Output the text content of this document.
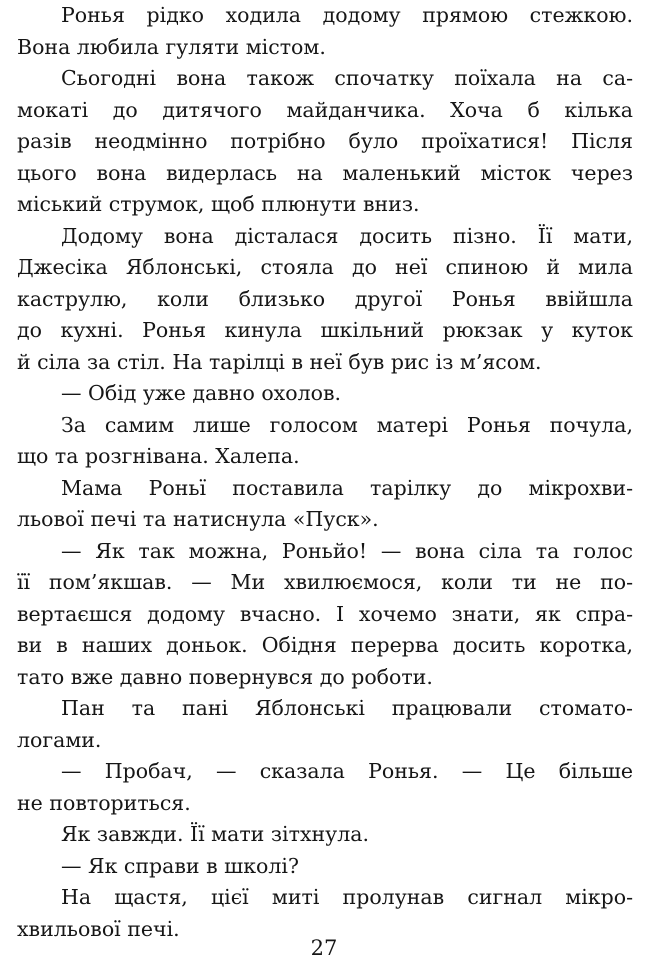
Ронья рідко ходила додому прямою стежкою.
Вона любила гуляти містом.
Сьогодні вона також спочатку поїхала на са-
мокаті до дитячого майданчика. Хоча б кілька
разів неодмінно потрібно було проїхатися! Після
цього вона видерлась на маленький місток через
міський струмок, щоб плюнути вниз.
Додому вона дісталася досить пізно. Її мати,
Джесіка Яблонські, стояла до неї спиною й мила
каструлю, коли близько другої Ронья ввійшла
до кухні. Ронья кинула шкільний рюкзак у куток
й сіла за стіл. На тарілці в неї був рис із м’ясом.
— Обід уже давно охолов.
За самим лише голосом матері Ронья почула,
що та розгнівана. Халепа.
Мама Роньї поставила тарілку до мікрохви-
льової печі та натиснула «Пуск».
— Як так можна, Роньйо! — вона сіла та голос
її пом’якшав. — Ми хвилюємося, коли ти не по-
вертаєшся додому вчасно. І хочемо знати, як спра-
ви в наших доньок. Обідня перерва досить коротка,
тато вже давно повернувся до роботи.
Пан та пані Яблонські працювали стомато-
логами.
— Пробач, — сказала Ронья. — Це більше
не повториться.
Як завжди. Її мати зітхнула.
— Як справи в школі?
На щастя, цієї миті пролунав сигнал мікро-
хвильової печі.
27
